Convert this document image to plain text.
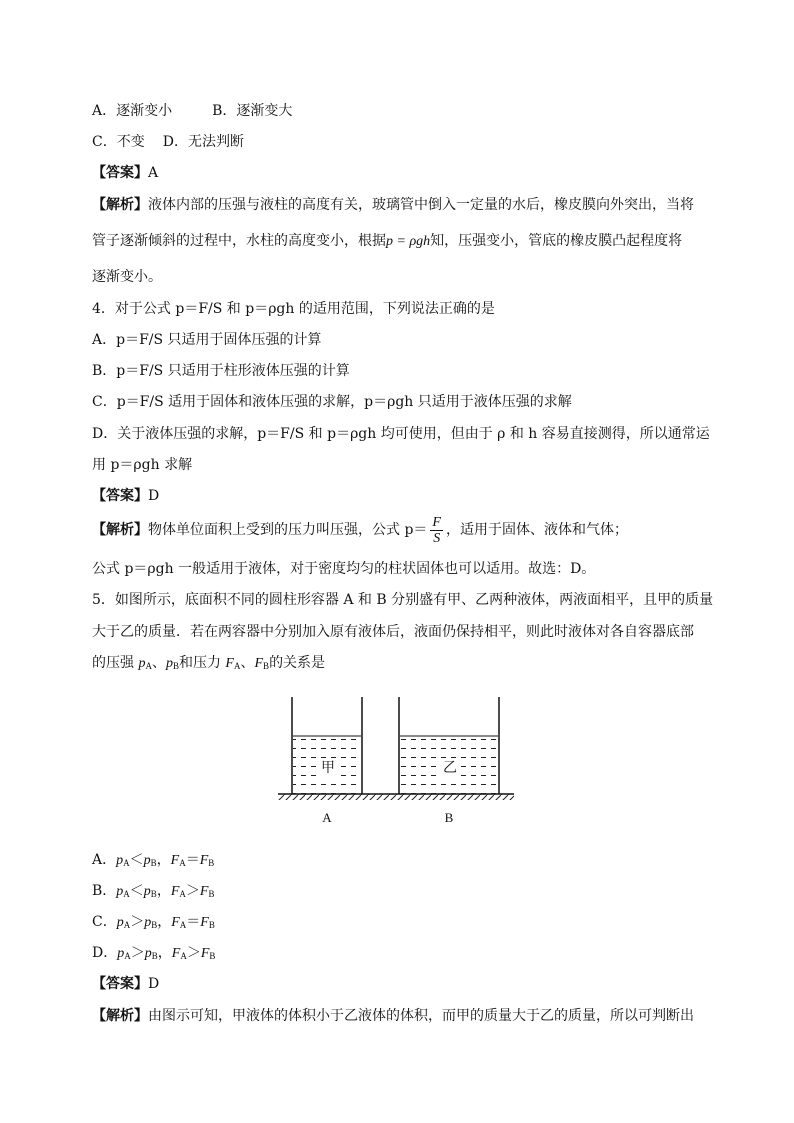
A．逐渐变小	B．逐渐变大
C．不变 D．无法判断
【答案】A
【解析】液体内部的压强与液柱的高度有关，玻璃管中倒入一定量的水后，橡皮膜向外突出，当将
管子逐渐倾斜的过程中，水柱的高度变小，根据p = ρgh知，压强变小，管底的橡皮膜凸起程度将
逐渐变小。
4．对于公式 p＝F/S 和 p＝ρgh 的适用范围，下列说法正确的是
A．p＝F/S 只适用于固体压强的计算
B．p＝F/S 只适用于柱形液体压强的计算
C．p＝F/S 适用于固体和液体压强的求解，p＝ρgh 只适用于液体压强的求解
D．关于液体压强的求解，p＝F/S 和 p＝ρgh 均可使用，但由于 ρ 和 h 容易直接测得，所以通常运
用 p＝ρgh 求解
【答案】D
【解析】物体单位面积上受到的压力叫压强，公式 $p= \frac{F}{S}$ ，适用于固体、液体和气体；
公式 p＝ρgh 一般适用于液体，对于密度均匀的柱状固体也可以适用。故选：D。
5．如图所示，底面积不同的圆柱形容器 A 和 B 分别盛有甲、乙两种液体，两液面相平，且甲的质量
大于乙的质量．若在两容器中分别加入原有液体后，液面仍保持相平，则此时液体对各自容器底部
的压强 $p_A$、$p_B$和压力 $F_A$、$F_B$的关系是
甲	乙
A	B
A．$p_A<p_B$，$F_A=F_B$
B．$p_A<p_B$，$F_A>F_B$
C．$p_A>p_B$，$F_A=F_B$
D．$p_A>p_B$，$F_A>F_B$
【答案】D
【解析】由图示可知，甲液体的体积小于乙液体的体积，而甲的质量大于乙的质量，所以可判断出
